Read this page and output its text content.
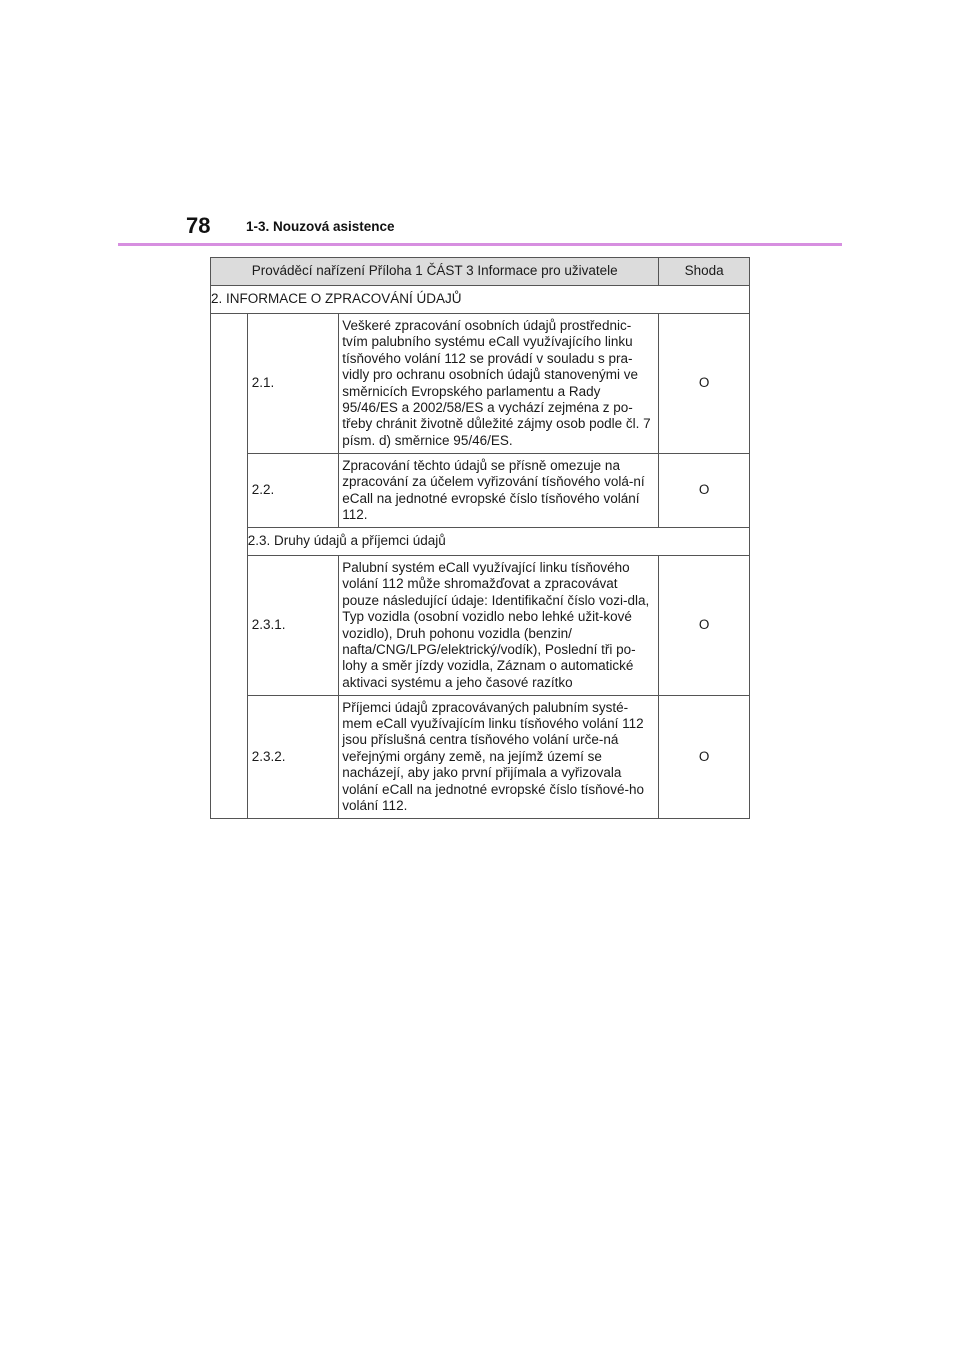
78	1-3. Nouzová asistence
Prováděcí nařízení Příloha 1 ČÁST 3 Informace pro uživatele			Shoda
2. INFORMACE O ZPRACOVÁNÍ ÚDAJŮ			
	2.1.	Veškeré zpracování osobních údajů prostřednic-tvím palubního systému eCall využívajícího linku tísňového volání 112 se provádí v souladu s pra-vidly pro ochranu osobních údajů stanovenými ve směrnicích Evropského parlamentu a Rady 95/46/ES a 2002/58/ES a vychází zejména z po-třeby chránit životně důležité zájmy osob podle čl. 7 písm. d) směrnice 95/46/ES.	O
	2.2.	Zpracování těchto údajů se přísně omezuje na zpracování za účelem vyřizování tísňového volá-ní eCall na jednotné evropské číslo tísňového volání 112.	O
	2.3. Druhy údajů a příjemci údajů		
	2.3.1.	Palubní systém eCall využívající linku tísňového volání 112 může shromažďovat a zpracovávat pouze následující údaje: Identifikační číslo vozi-dla, Typ vozidla (osobní vozidlo nebo lehké užit-kové vozidlo), Druh pohonu vozidla (benzin/ nafta/CNG/LPG/elektrický/vodík), Poslední tři po-lohy a směr jízdy vozidla, Záznam o automatické aktivaci systému a jeho časové razítko	O
	2.3.2.	Příjemci údajů zpracovávaných palubním systé-mem eCall využívajícím linku tísňového volání 112 jsou příslušná centra tísňového volání urče-ná veřejnými orgány země, na jejímž území se nacházejí, aby jako první přijímala a vyřizovala volání eCall na jednotné evropské číslo tísňové-ho volání 112.	O
